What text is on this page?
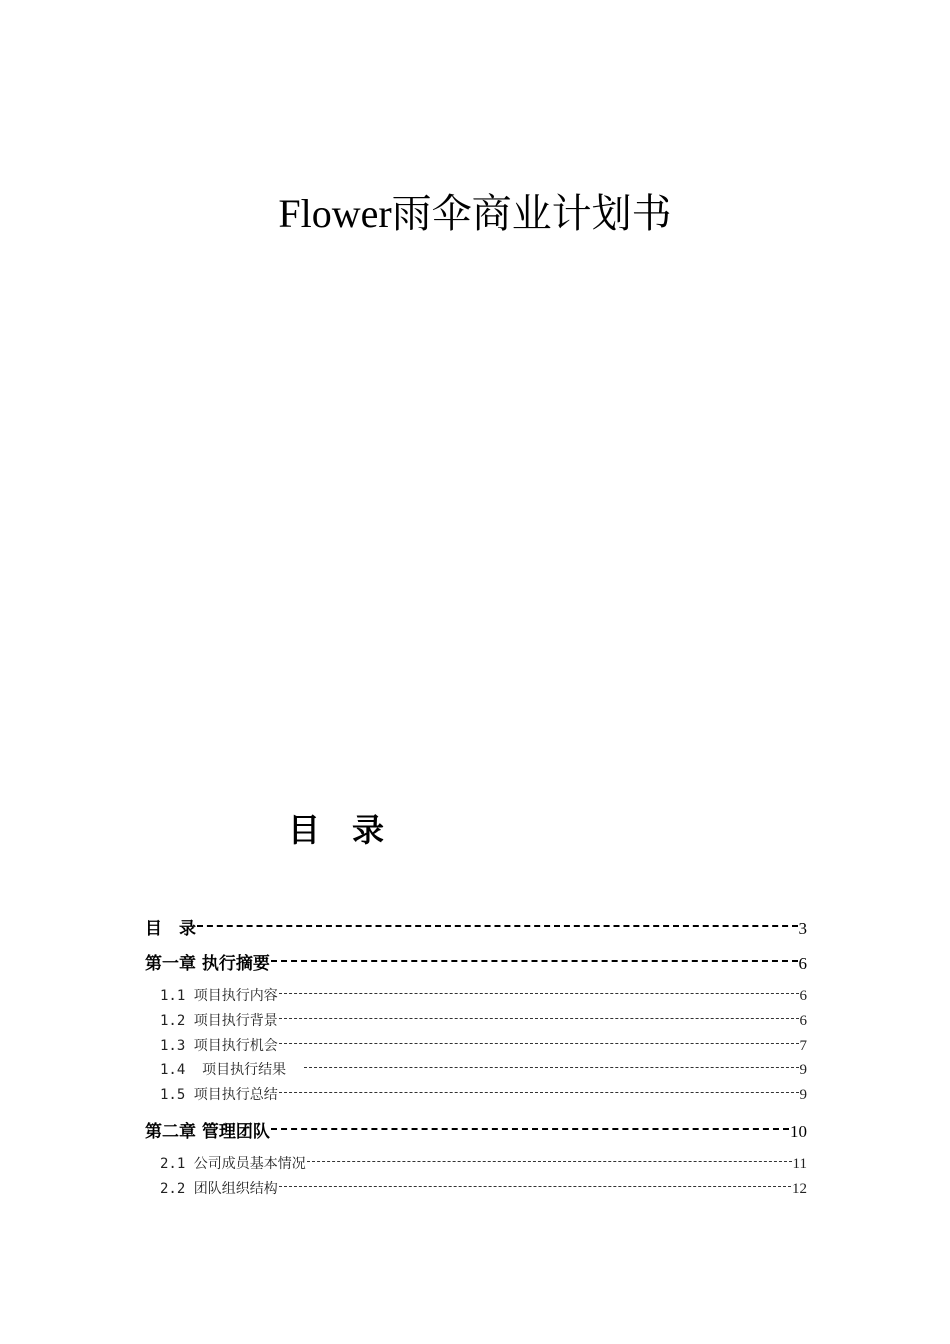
Flower雨伞商业计划书
目　录
目　录	3
第一章 执行摘要	6
1.1 项目执行内容	6
1.2 项目执行背景	6
1.3 项目执行机会	7
1.4  项目执行结果	9
1.5 项目执行总结	9
第二章 管理团队	10
2.1 公司成员基本情况	11
2.2 团队组织结构	12
